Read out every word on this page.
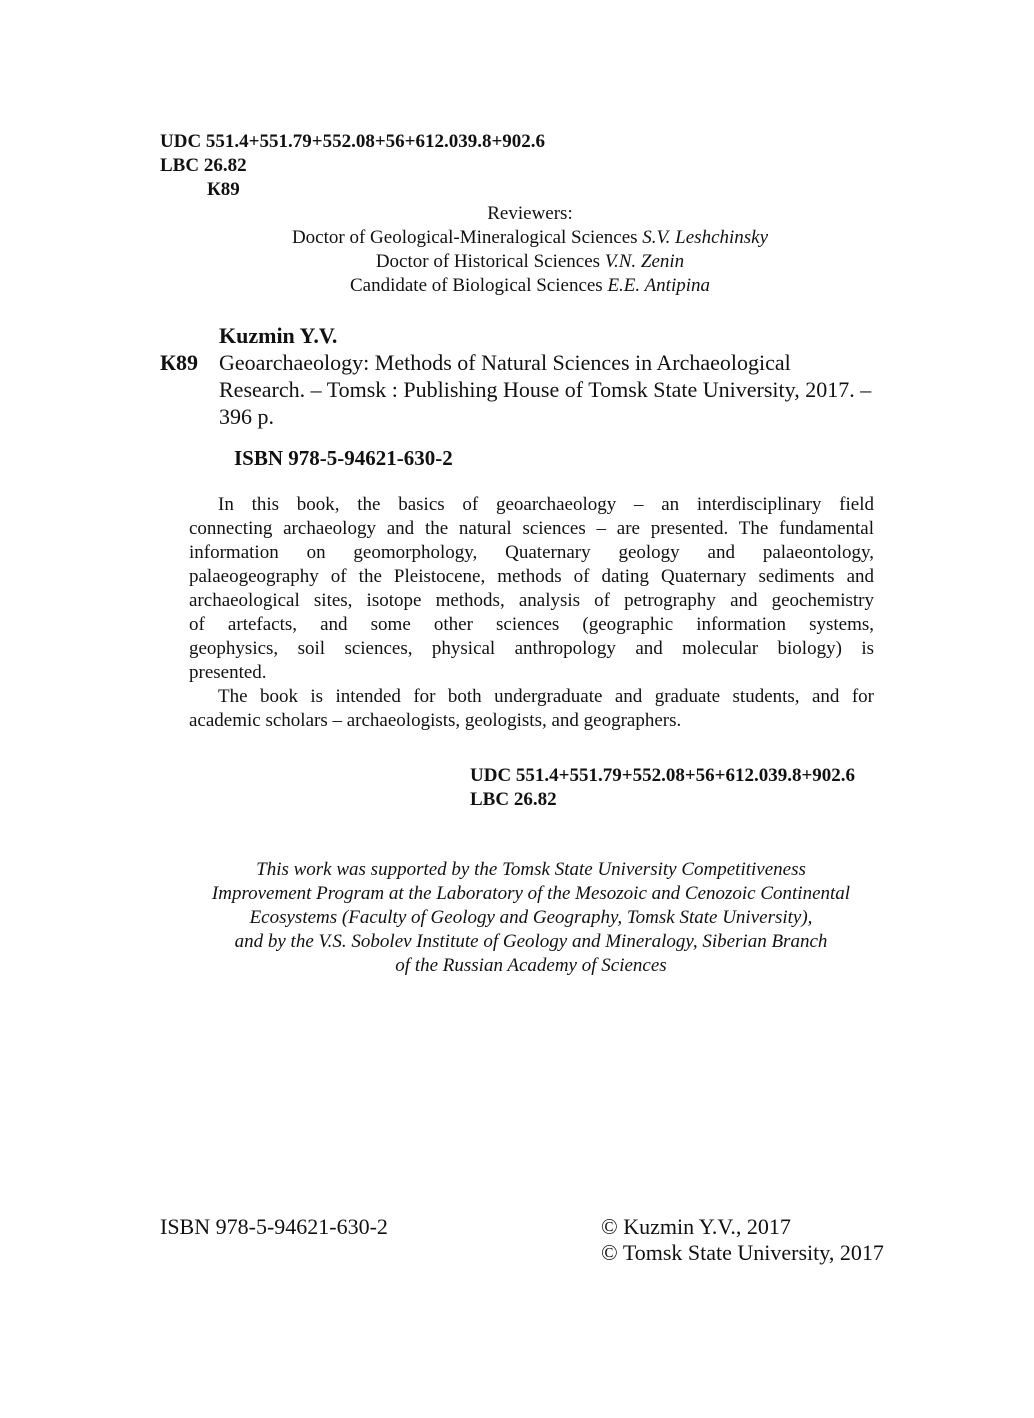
UDC 551.4+551.79+552.08+56+612.039.8+902.6
LBC 26.82
К89
Reviewers:
Doctor of Geological-Mineralogical Sciences S.V. Leshchinsky
Doctor of Historical Sciences V.N. Zenin
Candidate of Biological Sciences E.E. Antipina
Kuzmin Y.V.
К89 Geoarchaeology: Methods of Natural Sciences in Archaeological
Research. – Tomsk : Publishing House of Tomsk State University, 2017. –
396 p.
ISBN 978-5-94621-630-2
In this book, the basics of geoarchaeology – an interdisciplinary field
connecting archaeology and the natural sciences – are presented. The fundamental
information on geomorphology, Quaternary geology and palaeontology,
palaeogeography of the Pleistocene, methods of dating Quaternary sediments and
archaeological sites, isotope methods, analysis of petrography and geochemistry
of artefacts, and some other sciences (geographic information systems,
geophysics, soil sciences, physical anthropology and molecular biology) is
presented.
The book is intended for both undergraduate and graduate students, and for
academic scholars – archaeologists, geologists, and geographers.
UDC 551.4+551.79+552.08+56+612.039.8+902.6
LBC 26.82
This work was supported by the Tomsk State University Competitiveness
Improvement Program at the Laboratory of the Mesozoic and Cenozoic Continental
Ecosystems (Faculty of Geology and Geography, Tomsk State University),
and by the V.S. Sobolev Institute of Geology and Mineralogy, Siberian Branch
of the Russian Academy of Sciences
ISBN 978-5-94621-630-2	© Kuzmin Y.V., 2017
© Tomsk State University, 2017
